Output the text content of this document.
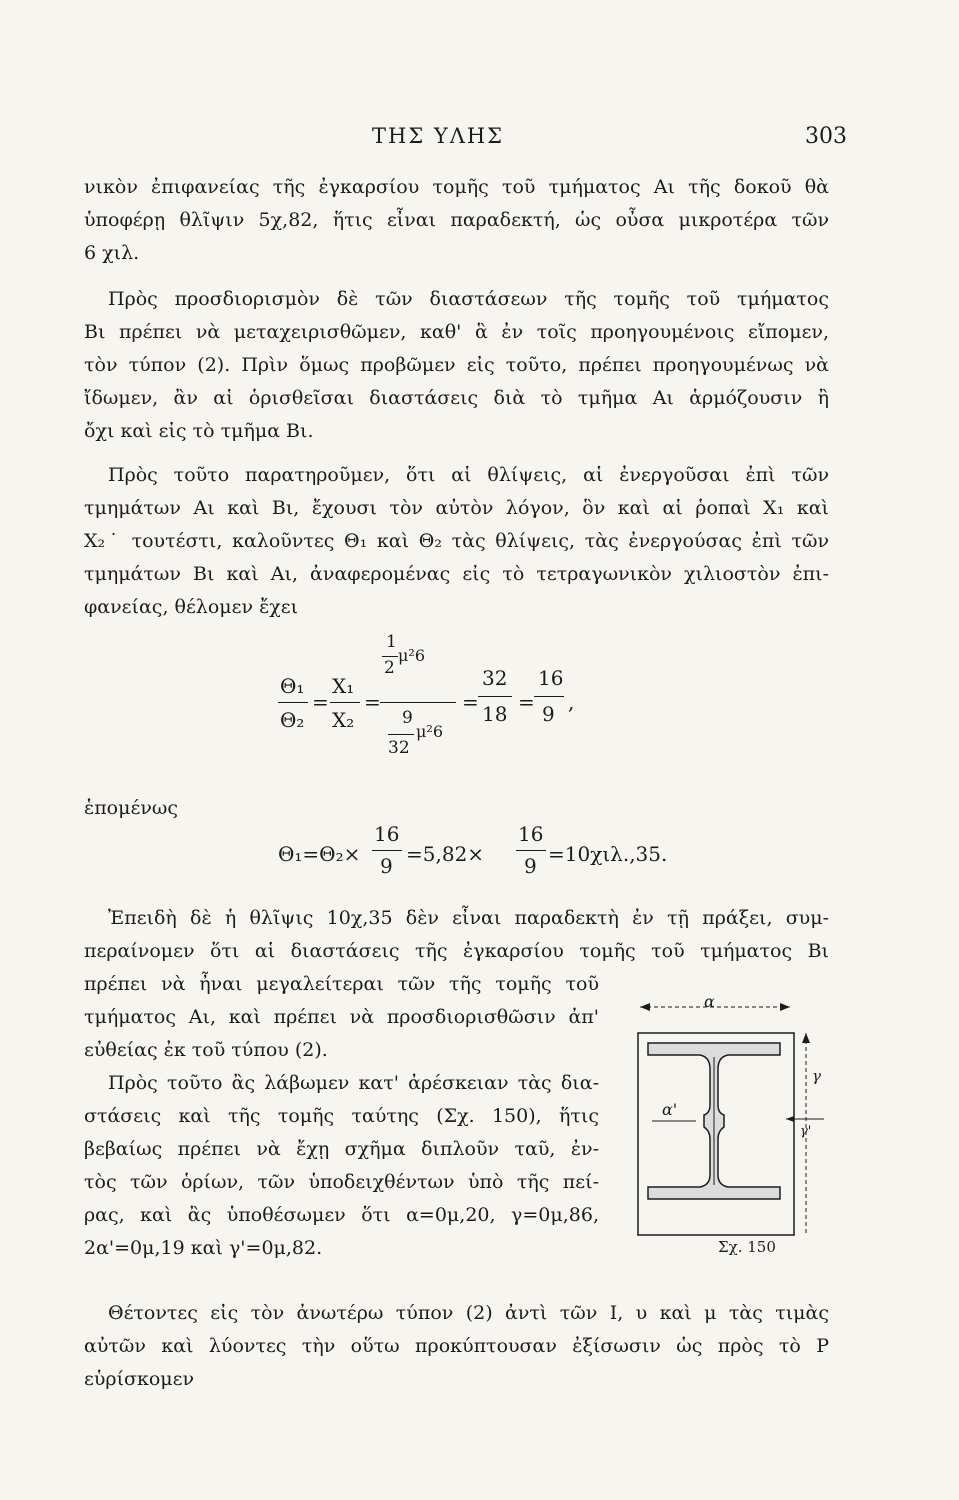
ΤΗΣ ΥΛΗΣ	303
νικὸν ἐπιφανείας τῆς ἐγκαρσίου τομῆς τοῦ τμήματος Αι τῆς δοκοῦ θὰ
ὑποφέρῃ θλῖψιν 5χ,82, ἥτις εἶναι παραδεκτή, ὡς οὖσα μικροτέρα τῶν
6 χιλ.
Πρὸς προσδιορισμὸν δὲ τῶν διαστάσεων τῆς τομῆς τοῦ τμήματος
Βι πρέπει νὰ μεταχειρισθῶμεν, καθ' ἃ ἐν τοῖς προηγουμένοις εἴπομεν,
τὸν τύπον (2). Πρὶν ὅμως προβῶμεν εἰς τοῦτο, πρέπει προηγουμένως νὰ
ἴδωμεν, ἂν αἱ ὁρισθεῖσαι διαστάσεις διὰ τὸ τμῆμα Αι ἁρμόζουσιν ἢ
ὄχι καὶ εἰς τὸ τμῆμα Βι.
Πρὸς τοῦτο παρατηροῦμεν, ὅτι αἱ θλίψεις, αἱ ἐνεργοῦσαι ἐπὶ τῶν
τμημάτων Αι καὶ Βι, ἔχουσι τὸν αὐτὸν λόγον, ὃν καὶ αἱ ῥοπαὶ Χ₁ καὶ
Χ₂˙ τουτέστι, καλοῦντες Θ₁ καὶ Θ₂ τὰς θλίψεις, τὰς ἐνεργούσας ἐπὶ τῶν
τμημάτων Βι καὶ Αι, ἀναφερομένας εἰς τὸ τετραγωνικὸν χιλιοστὸν ἐπι-
φανείας, θέλομεν ἔχει
Θ₁
Θ₂
=
Χ₁
Χ₂
=
1
2
μ²6
9
32
μ²6
=
32
18 =
16
9 ,
ἑπομένως
Θ₁=Θ₂×
16
9 =5,82×
16
9 =10χιλ.,35.
Ἐπειδὴ δὲ ἡ θλῖψις 10χ,35 δὲν εἶναι παραδεκτὴ ἐν τῇ πράξει, συμ-
περαίνομεν ὅτι αἱ διαστάσεις τῆς ἐγκαρσίου τομῆς τοῦ τμήματος Βι
πρέπει νὰ ἦναι μεγαλείτεραι τῶν τῆς τομῆς τοῦ
τμήματος Αι, καὶ πρέπει νὰ προσδιορισθῶσιν ἀπ'
εὐθείας ἐκ τοῦ τύπου (2).
Πρὸς τοῦτο ἂς λάβωμεν κατ' ἀρέσκειαν τὰς δια-
στάσεις καὶ τῆς τομῆς ταύτης (Σχ. 150), ἥτις
βεβαίως πρέπει νὰ ἔχῃ σχῆμα διπλοῦν ταῦ, ἐν-
τὸς τῶν ὁρίων, τῶν ὑποδειχθέντων ὑπὸ τῆς πεί-
ρας, καὶ ἂς ὑποθέσωμεν ὅτι α=0μ,20, γ=0μ,86,
2α'=0μ,19 καὶ γ'=0μ,82.
α
α'
γ
γ'
Σχ. 150
Θέτοντες εἰς τὸν ἀνωτέρω τύπον (2) ἀντὶ τῶν Ι, υ καὶ μ τὰς τιμὰς
αὐτῶν καὶ λύοντες τὴν οὕτω προκύπτουσαν ἐξίσωσιν ὡς πρὸς τὸ Ρ
εὑρίσκομεν
